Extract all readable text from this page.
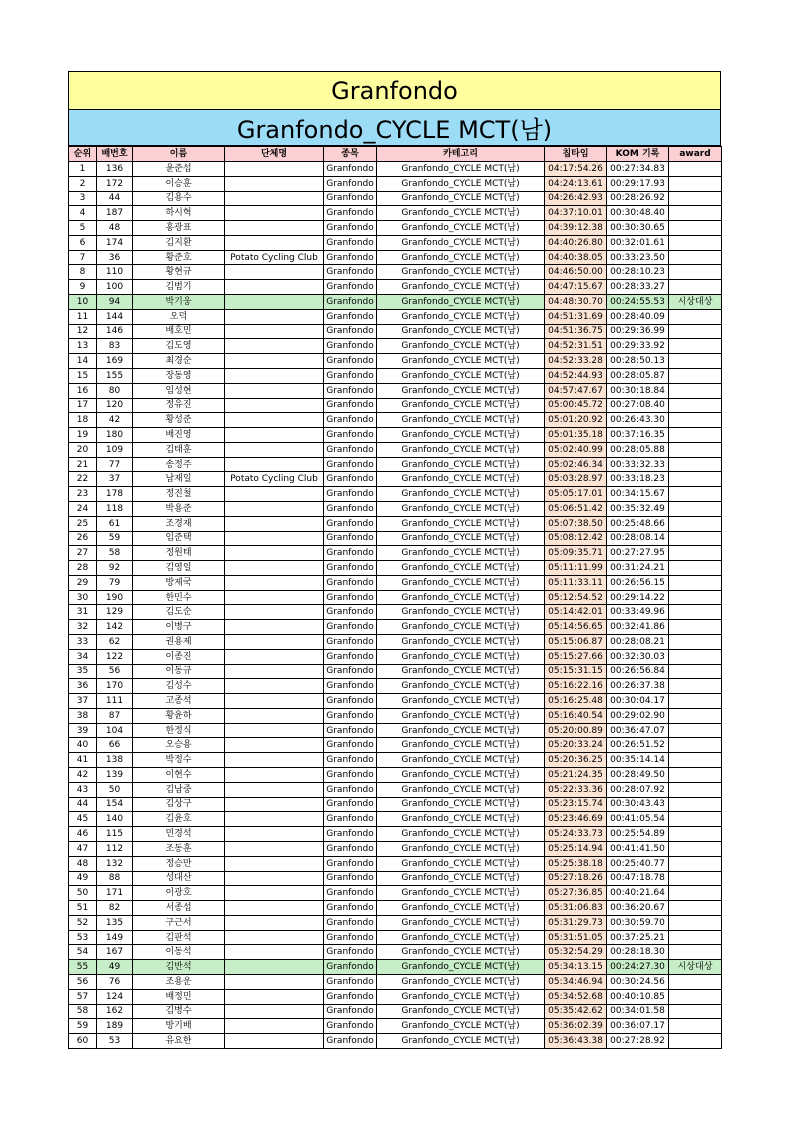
Granfondo
Granfondo_CYCLE MCT(남)
순위	배번호	이름	단체명	종목	카테고리	칩타임	KOM 기록	award
1	136	윤준섭		Granfondo	Granfondo_CYCLE MCT(남)	04:17:54.26	00:27:34.83	
2	172	이승훈		Granfondo	Granfondo_CYCLE MCT(남)	04:24:13.61	00:29:17.93	
3	44	김용수		Granfondo	Granfondo_CYCLE MCT(남)	04:26:42.93	00:28:26.92	
4	187	하시혁		Granfondo	Granfondo_CYCLE MCT(남)	04:37:10.01	00:30:48.40	
5	48	홍광표		Granfondo	Granfondo_CYCLE MCT(남)	04:39:12.38	00:30:30.65	
6	174	김지환		Granfondo	Granfondo_CYCLE MCT(남)	04:40:26.80	00:32:01.61	
7	36	황준호	Potato Cycling Club	Granfondo	Granfondo_CYCLE MCT(남)	04:40:38.05	00:33:23.50	
8	110	황현규		Granfondo	Granfondo_CYCLE MCT(남)	04:46:50.00	00:28:10.23	
9	100	김범기		Granfondo	Granfondo_CYCLE MCT(남)	04:47:15.67	00:28:33.27	
10	94	박기웅		Granfondo	Granfondo_CYCLE MCT(남)	04:48:30.70	00:24:55.53	시상대상
11	144	오덕		Granfondo	Granfondo_CYCLE MCT(남)	04:51:31.69	00:28:40.09	
12	146	배호민		Granfondo	Granfondo_CYCLE MCT(남)	04:51:36.75	00:29:36.99	
13	83	김도영		Granfondo	Granfondo_CYCLE MCT(남)	04:52:31.51	00:29:33.92	
14	169	최경순		Granfondo	Granfondo_CYCLE MCT(남)	04:52:33.28	00:28:50.13	
15	155	장동영		Granfondo	Granfondo_CYCLE MCT(남)	04:52:44.93	00:28:05.87	
16	80	임성현		Granfondo	Granfondo_CYCLE MCT(남)	04:57:47.67	00:30:18.84	
17	120	정유진		Granfondo	Granfondo_CYCLE MCT(남)	05:00:45.72	00:27:08.40	
18	42	황성준		Granfondo	Granfondo_CYCLE MCT(남)	05:01:20.92	00:26:43.30	
19	180	배진영		Granfondo	Granfondo_CYCLE MCT(남)	05:01:35.18	00:37:16.35	
20	109	김태훈		Granfondo	Granfondo_CYCLE MCT(남)	05:02:40.99	00:28:05.88	
21	77	송정주		Granfondo	Granfondo_CYCLE MCT(남)	05:02:46.34	00:33:32.33	
22	37	남재일	Potato Cycling Club	Granfondo	Granfondo_CYCLE MCT(남)	05:03:28.97	00:33:18.23	
23	178	정진철		Granfondo	Granfondo_CYCLE MCT(남)	05:05:17.01	00:34:15.67	
24	118	박용준		Granfondo	Granfondo_CYCLE MCT(남)	05:06:51.42	00:35:32.49	
25	61	조경재		Granfondo	Granfondo_CYCLE MCT(남)	05:07:38.50	00:25:48.66	
26	59	임준택		Granfondo	Granfondo_CYCLE MCT(남)	05:08:12.42	00:28:08.14	
27	58	정원태		Granfondo	Granfondo_CYCLE MCT(남)	05:09:35.71	00:27:27.95	
28	92	김영일		Granfondo	Granfondo_CYCLE MCT(남)	05:11:11.99	00:31:24.21	
29	79	방제국		Granfondo	Granfondo_CYCLE MCT(남)	05:11:33.11	00:26:56.15	
30	190	한민수		Granfondo	Granfondo_CYCLE MCT(남)	05:12:54.52	00:29:14.22	
31	129	김도순		Granfondo	Granfondo_CYCLE MCT(남)	05:14:42.01	00:33:49.96	
32	142	이병구		Granfondo	Granfondo_CYCLE MCT(남)	05:14:56.65	00:32:41.86	
33	62	권용제		Granfondo	Granfondo_CYCLE MCT(남)	05:15:06.87	00:28:08.21	
34	122	이종진		Granfondo	Granfondo_CYCLE MCT(남)	05:15:27.66	00:32:30.03	
35	56	이동규		Granfondo	Granfondo_CYCLE MCT(남)	05:15:31.15	00:26:56.84	
36	170	김성수		Granfondo	Granfondo_CYCLE MCT(남)	05:16:22.16	00:26:37.38	
37	111	고종석		Granfondo	Granfondo_CYCLE MCT(남)	05:16:25.48	00:30:04.17	
38	87	황윤하		Granfondo	Granfondo_CYCLE MCT(남)	05:16:40.54	00:29:02.90	
39	104	한정식		Granfondo	Granfondo_CYCLE MCT(남)	05:20:00.89	00:36:47.07	
40	66	오승용		Granfondo	Granfondo_CYCLE MCT(남)	05:20:33.24	00:26:51.52	
41	138	박정수		Granfondo	Granfondo_CYCLE MCT(남)	05:20:36.25	00:35:14.14	
42	139	이현수		Granfondo	Granfondo_CYCLE MCT(남)	05:21:24.35	00:28:49.50	
43	50	김남중		Granfondo	Granfondo_CYCLE MCT(남)	05:22:33.36	00:28:07.92	
44	154	김상구		Granfondo	Granfondo_CYCLE MCT(남)	05:23:15.74	00:30:43.43	
45	140	김윤호		Granfondo	Granfondo_CYCLE MCT(남)	05:23:46.69	00:41:05.54	
46	115	민경석		Granfondo	Granfondo_CYCLE MCT(남)	05:24:33.73	00:25:54.89	
47	112	조동훈		Granfondo	Granfondo_CYCLE MCT(남)	05:25:14.94	00:41:41.50	
48	132	정승만		Granfondo	Granfondo_CYCLE MCT(남)	05:25:38.18	00:25:40.77	
49	88	성대산		Granfondo	Granfondo_CYCLE MCT(남)	05:27:18.26	00:47:18.78	
50	171	이광호		Granfondo	Granfondo_CYCLE MCT(남)	05:27:36.85	00:40:21.64	
51	82	서종섭		Granfondo	Granfondo_CYCLE MCT(남)	05:31:06.83	00:36:20.67	
52	135	구근서		Granfondo	Granfondo_CYCLE MCT(남)	05:31:29.73	00:30:59.70	
53	149	김판석		Granfondo	Granfondo_CYCLE MCT(남)	05:31:51.05	00:37:25.21	
54	167	이동석		Granfondo	Granfondo_CYCLE MCT(남)	05:32:54.29	00:28:18.30	
55	49	김반석		Granfondo	Granfondo_CYCLE MCT(남)	05:34:13.15	00:24:27.30	시상대상
56	76	조용운		Granfondo	Granfondo_CYCLE MCT(남)	05:34:46.94	00:30:24.56	
57	124	배정민		Granfondo	Granfondo_CYCLE MCT(남)	05:34:52.68	00:40:10.85	
58	162	김병수		Granfondo	Granfondo_CYCLE MCT(남)	05:35:42.62	00:34:01.58	
59	189	방기배		Granfondo	Granfondo_CYCLE MCT(남)	05:36:02.39	00:36:07.17	
60	53	유요한		Granfondo	Granfondo_CYCLE MCT(남)	05:36:43.38	00:27:28.92	
